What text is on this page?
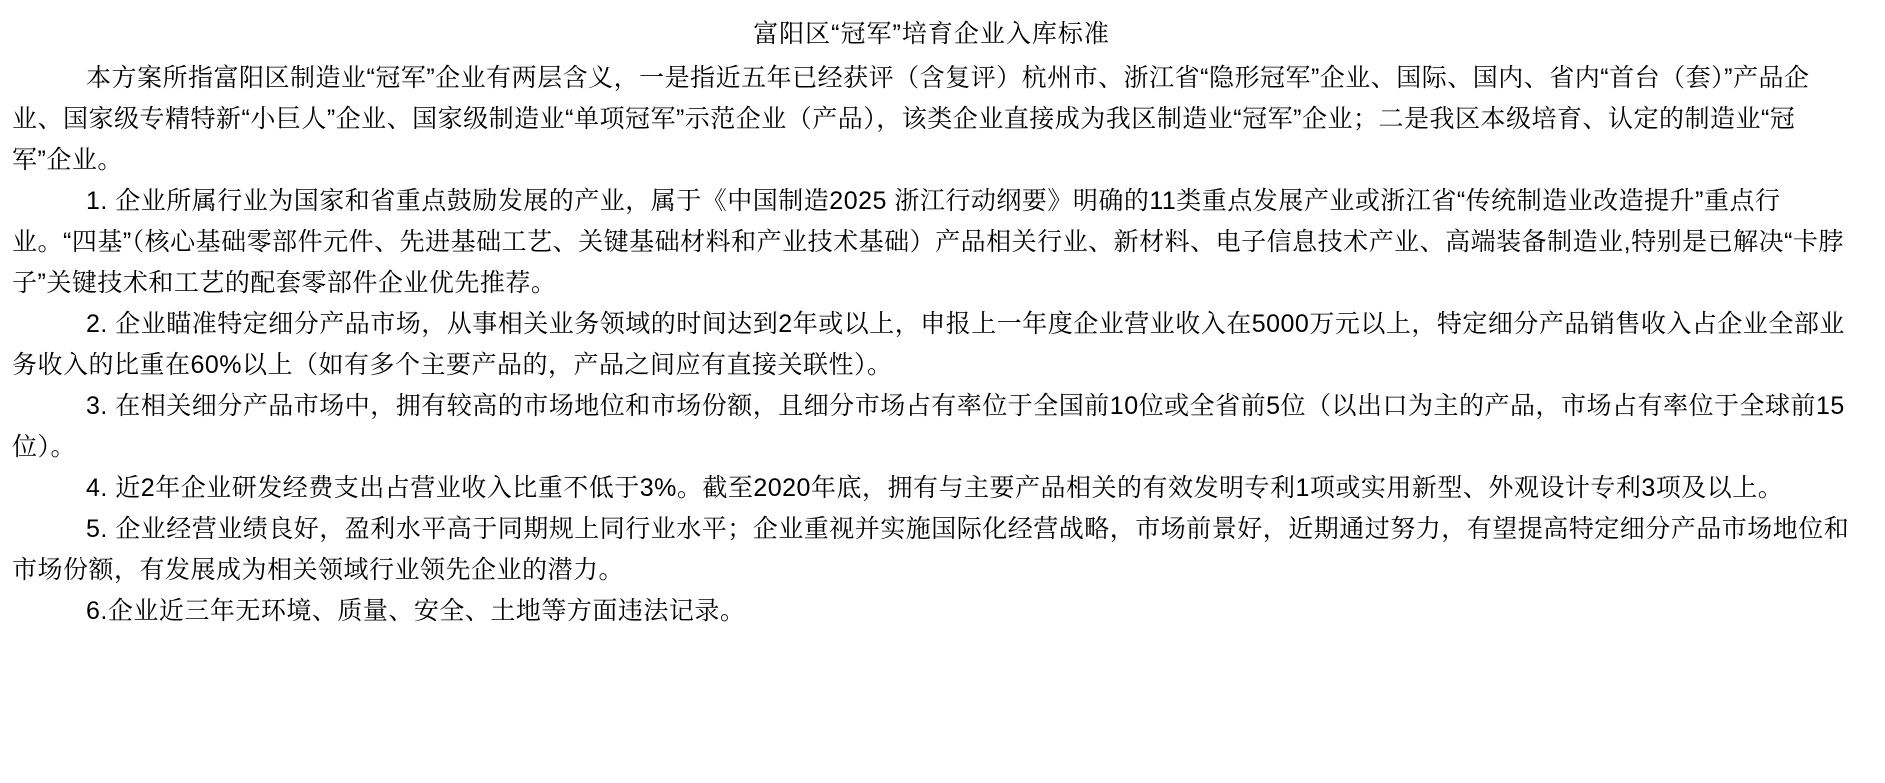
富阳区“冠军”培育企业入库标准

本方案所指富阳区制造业“冠军”企业有两层含义，一是指近五年已经获评（含复评）杭州市、浙江省“隐形冠军”企业、国际、国内、省内“首台（套）”产品企业、国家级专精特新“小巨人”企业、国家级制造业“单项冠军”示范企业（产品），该类企业直接成为我区制造业“冠军”企业；二是我区本级培育、认定的制造业“冠军”企业。

1. 企业所属行业为国家和省重点鼓励发展的产业，属于《中国制造2025 浙江行动纲要》明确的11类重点发展产业或浙江省“传统制造业改造提升”重点行业。“四基”（核心基础零部件元件、先进基础工艺、关键基础材料和产业技术基础）产品相关行业、新材料、电子信息技术产业、高端装备制造业,特别是已解决“卡脖子”关键技术和工艺的配套零部件企业优先推荐。

2. 企业瞄准特定细分产品市场，从事相关业务领域的时间达到2年或以上，申报上一年度企业营业收入在5000万元以上，特定细分产品销售收入占企业全部业务收入的比重在60%以上（如有多个主要产品的，产品之间应有直接关联性）。

3. 在相关细分产品市场中，拥有较高的市场地位和市场份额，且细分市场占有率位于全国前10位或全省前5位（以出口为主的产品，市场占有率位于全球前15位）。

4. 近2年企业研发经费支出占营业收入比重不低于3%。截至2020年底，拥有与主要产品相关的有效发明专利1项或实用新型、外观设计专利3项及以上。

5. 企业经营业绩良好，盈利水平高于同期规上同行业水平；企业重视并实施国际化经营战略，市场前景好，近期通过努力，有望提高特定细分产品市场地位和市场份额，有发展成为相关领域行业领先企业的潜力。

6.企业近三年无环境、质量、安全、土地等方面违法记录。
